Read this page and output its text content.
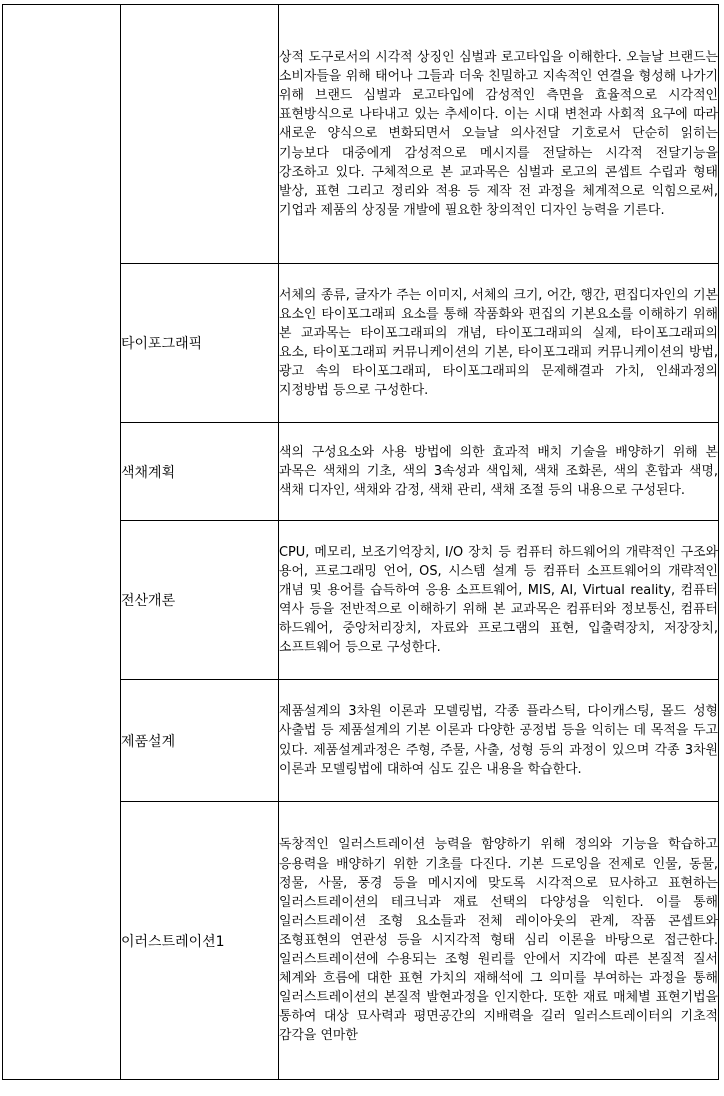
		상적 도구로서의 시각적 상징인 심벌과 로고타입을 이해한다. 오늘날 브랜드는 소비자들을 위해 태어나 그들과 더욱 친밀하고 지속적인 연결을 형성해 나가기 위해 브랜드 심벌과 로고타입에 감성적인 측면을 효율적으로 시각적인 표현방식으로 나타내고 있는 추세이다. 이는 시대 변천과 사회적 요구에 따라 새로운 양식으로 변화되면서 오늘날 의사전달 기호로서 단순히 읽히는 기능보다 대중에게 감성적으로 메시지를 전달하는 시각적 전달기능을 강조하고 있다. 구체적으로 본 교과목은 심벌과 로고의 콘셉트 수립과 형태 발상, 표현 그리고 정리와 적용 등 제작 전 과정을 체계적으로 익힘으로써, 기업과 제품의 상징물 개발에 필요한 창의적인 디자인 능력을 기른다.

	타이포그래픽	서체의 종류, 글자가 주는 이미지, 서체의 크기, 어간, 행간, 편집디자인의 기본 요소인 타이포그래피 요소를 통해 작품화와 편집의 기본요소를 이해하기 위해 본 교과목는 타이포그래피의 개념, 타이포그래피의 실제, 타이포그래피의 요소, 타이포그래피 커뮤니케이션의 기본, 타이포그래피 커뮤니케이션의 방법, 광고 속의 타이포그래피, 타이포그래피의 문제해결과 가치, 인쇄과정의 지정방법 등으로 구성한다.

	색채계획	색의 구성요소와 사용 방법에 의한 효과적 배치 기술을 배양하기 위해 본 과목은 색채의 기초, 색의 3속성과 색입체, 색채 조화론, 색의 혼합과 색명, 색채 디자인, 색채와 감정, 색채 관리, 색채 조절 등의 내용으로 구성된다.

	전산개론	CPU, 메모리, 보조기억장치, I/O 장치 등 컴퓨터 하드웨어의 개략적인 구조와 용어, 프로그래밍 언어, OS, 시스템 설계 등 컴퓨터 소프트웨어의 개략적인 개념 및 용어를 습득하여 응용 소프트웨어, MIS, AI, Virtual reality, 컴퓨터 역사 등을 전반적으로 이해하기 위해 본 교과목은 컴퓨터와 정보통신, 컴퓨터 하드웨어, 중앙처리장치, 자료와 프로그램의 표현, 입출력장치, 저장장치, 소프트웨어 등으로 구성한다.

	제품설계	제품설계의 3차원 이론과 모델링법, 각종 플라스틱, 다이캐스팅, 몰드 성형 사출법 등 제품설계의 기본 이론과 다양한 공정법 등을 익히는 데 목적을 두고 있다. 제품설계과정은 주형, 주물, 사출, 성형 등의 과정이 있으며 각종 3차원 이론과 모델링법에 대하여 심도 깊은 내용을 학습한다.

	이러스트레이션1	독창적인 일러스트레이션 능력을 함양하기 위해 정의와 기능을 학습하고 응용력을 배양하기 위한 기초를 다진다. 기본 드로잉을 전제로 인물, 동물, 정물, 사물, 풍경 등을 메시지에 맞도록 시각적으로 묘사하고 표현하는 일러스트레이션의 테크닉과 재료 선택의 다양성을 익힌다. 이를 통해 일러스트레이션 조형 요소들과 전체 레이아웃의 관계, 작품 콘셉트와 조형표현의 연관성 등을 시지각적 형태 심리 이론을 바탕으로 접근한다. 일러스트레이션에 수용되는 조형 원리를 안에서 지각에 따른 본질적 질서 체계와 흐름에 대한 표현 가치의 재해석에 그 의미를 부여하는 과정을 통해 일러스트레이션의 본질적 발현과정을 인지한다. 또한 재료 매체별 표현기법을 통하여 대상 묘사력과 평면공간의 지배력을 길러 일러스트레이터의 기초적 감각을 연마한
